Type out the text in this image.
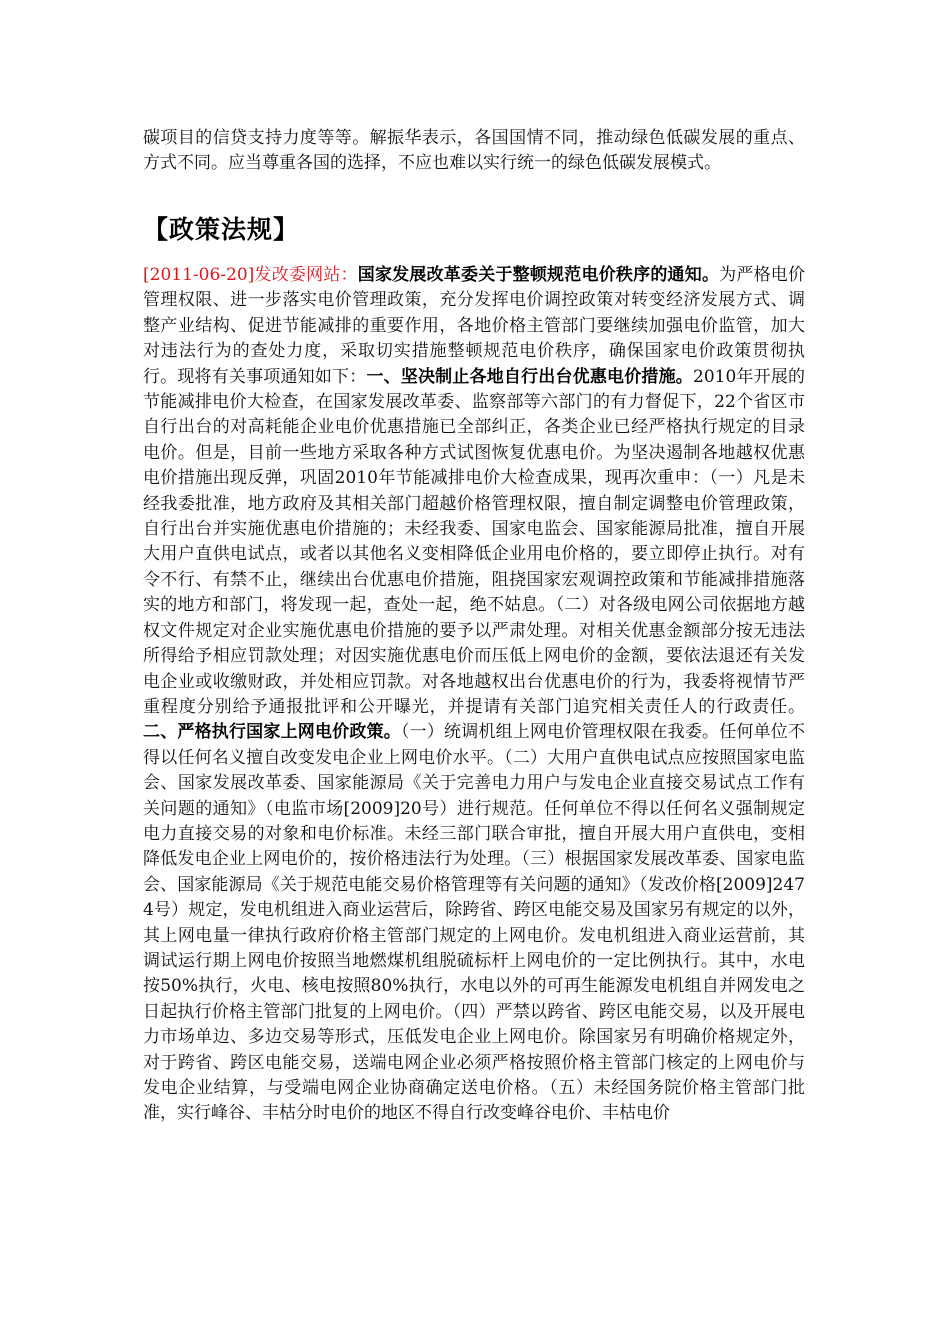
碳项目的信贷支持力度等等。解振华表示，各国国情不同，推动绿色低碳发展的重点、方式不同。应当尊重各国的选择，不应也难以实行统一的绿色低碳发展模式。

【政策法规】

[2011-06-20]发改委网站：国家发展改革委关于整顿规范电价秩序的通知。为严格电价管理权限、进一步落实电价管理政策，充分发挥电价调控政策对转变经济发展方式、调整产业结构、促进节能减排的重要作用，各地价格主管部门要继续加强电价监管，加大对违法行为的查处力度，采取切实措施整顿规范电价秩序，确保国家电价政策贯彻执行。现将有关事项通知如下：一、坚决制止各地自行出台优惠电价措施。2010年开展的节能减排电价大检查，在国家发展改革委、监察部等六部门的有力督促下，22个省区市自行出台的对高耗能企业电价优惠措施已全部纠正，各类企业已经严格执行规定的目录电价。但是，目前一些地方采取各种方式试图恢复优惠电价。为坚决遏制各地越权优惠电价措施出现反弹，巩固2010年节能减排电价大检查成果，现再次重申：（一）凡是未经我委批准，地方政府及其相关部门超越价格管理权限，擅自制定调整电价管理政策，自行出台并实施优惠电价措施的；未经我委、国家电监会、国家能源局批准，擅自开展大用户直供电试点，或者以其他名义变相降低企业用电价格的，要立即停止执行。对有令不行、有禁不止，继续出台优惠电价措施，阻挠国家宏观调控政策和节能减排措施落实的地方和部门，将发现一起，查处一起，绝不姑息。（二）对各级电网公司依据地方越权文件规定对企业实施优惠电价措施的要予以严肃处理。对相关优惠金额部分按无违法所得给予相应罚款处理；对因实施优惠电价而压低上网电价的金额，要依法退还有关发电企业或收缴财政，并处相应罚款。对各地越权出台优惠电价的行为，我委将视情节严重程度分别给予通报批评和公开曝光，并提请有关部门追究相关责任人的行政责任。二、严格执行国家上网电价政策。（一）统调机组上网电价管理权限在我委。任何单位不得以任何名义擅自改变发电企业上网电价水平。（二）大用户直供电试点应按照国家电监会、国家发展改革委、国家能源局《关于完善电力用户与发电企业直接交易试点工作有关问题的通知》（电监市场[2009]20号）进行规范。任何单位不得以任何名义强制规定电力直接交易的对象和电价标准。未经三部门联合审批，擅自开展大用户直供电，变相降低发电企业上网电价的，按价格违法行为处理。（三）根据国家发展改革委、国家电监会、国家能源局《关于规范电能交易价格管理等有关问题的通知》（发改价格[2009]2474号）规定，发电机组进入商业运营后，除跨省、跨区电能交易及国家另有规定的以外，其上网电量一律执行政府价格主管部门规定的上网电价。发电机组进入商业运营前，其调试运行期上网电价按照当地燃煤机组脱硫标杆上网电价的一定比例执行。其中，水电按50%执行，火电、核电按照80%执行，水电以外的可再生能源发电机组自并网发电之日起执行价格主管部门批复的上网电价。（四）严禁以跨省、跨区电能交易，以及开展电力市场单边、多边交易等形式，压低发电企业上网电价。除国家另有明确价格规定外，对于跨省、跨区电能交易，送端电网企业必须严格按照价格主管部门核定的上网电价与发电企业结算，与受端电网企业协商确定送电价格。（五）未经国务院价格主管部门批准，实行峰谷、丰枯分时电价的地区不得自行改变峰谷电价、丰枯电价
